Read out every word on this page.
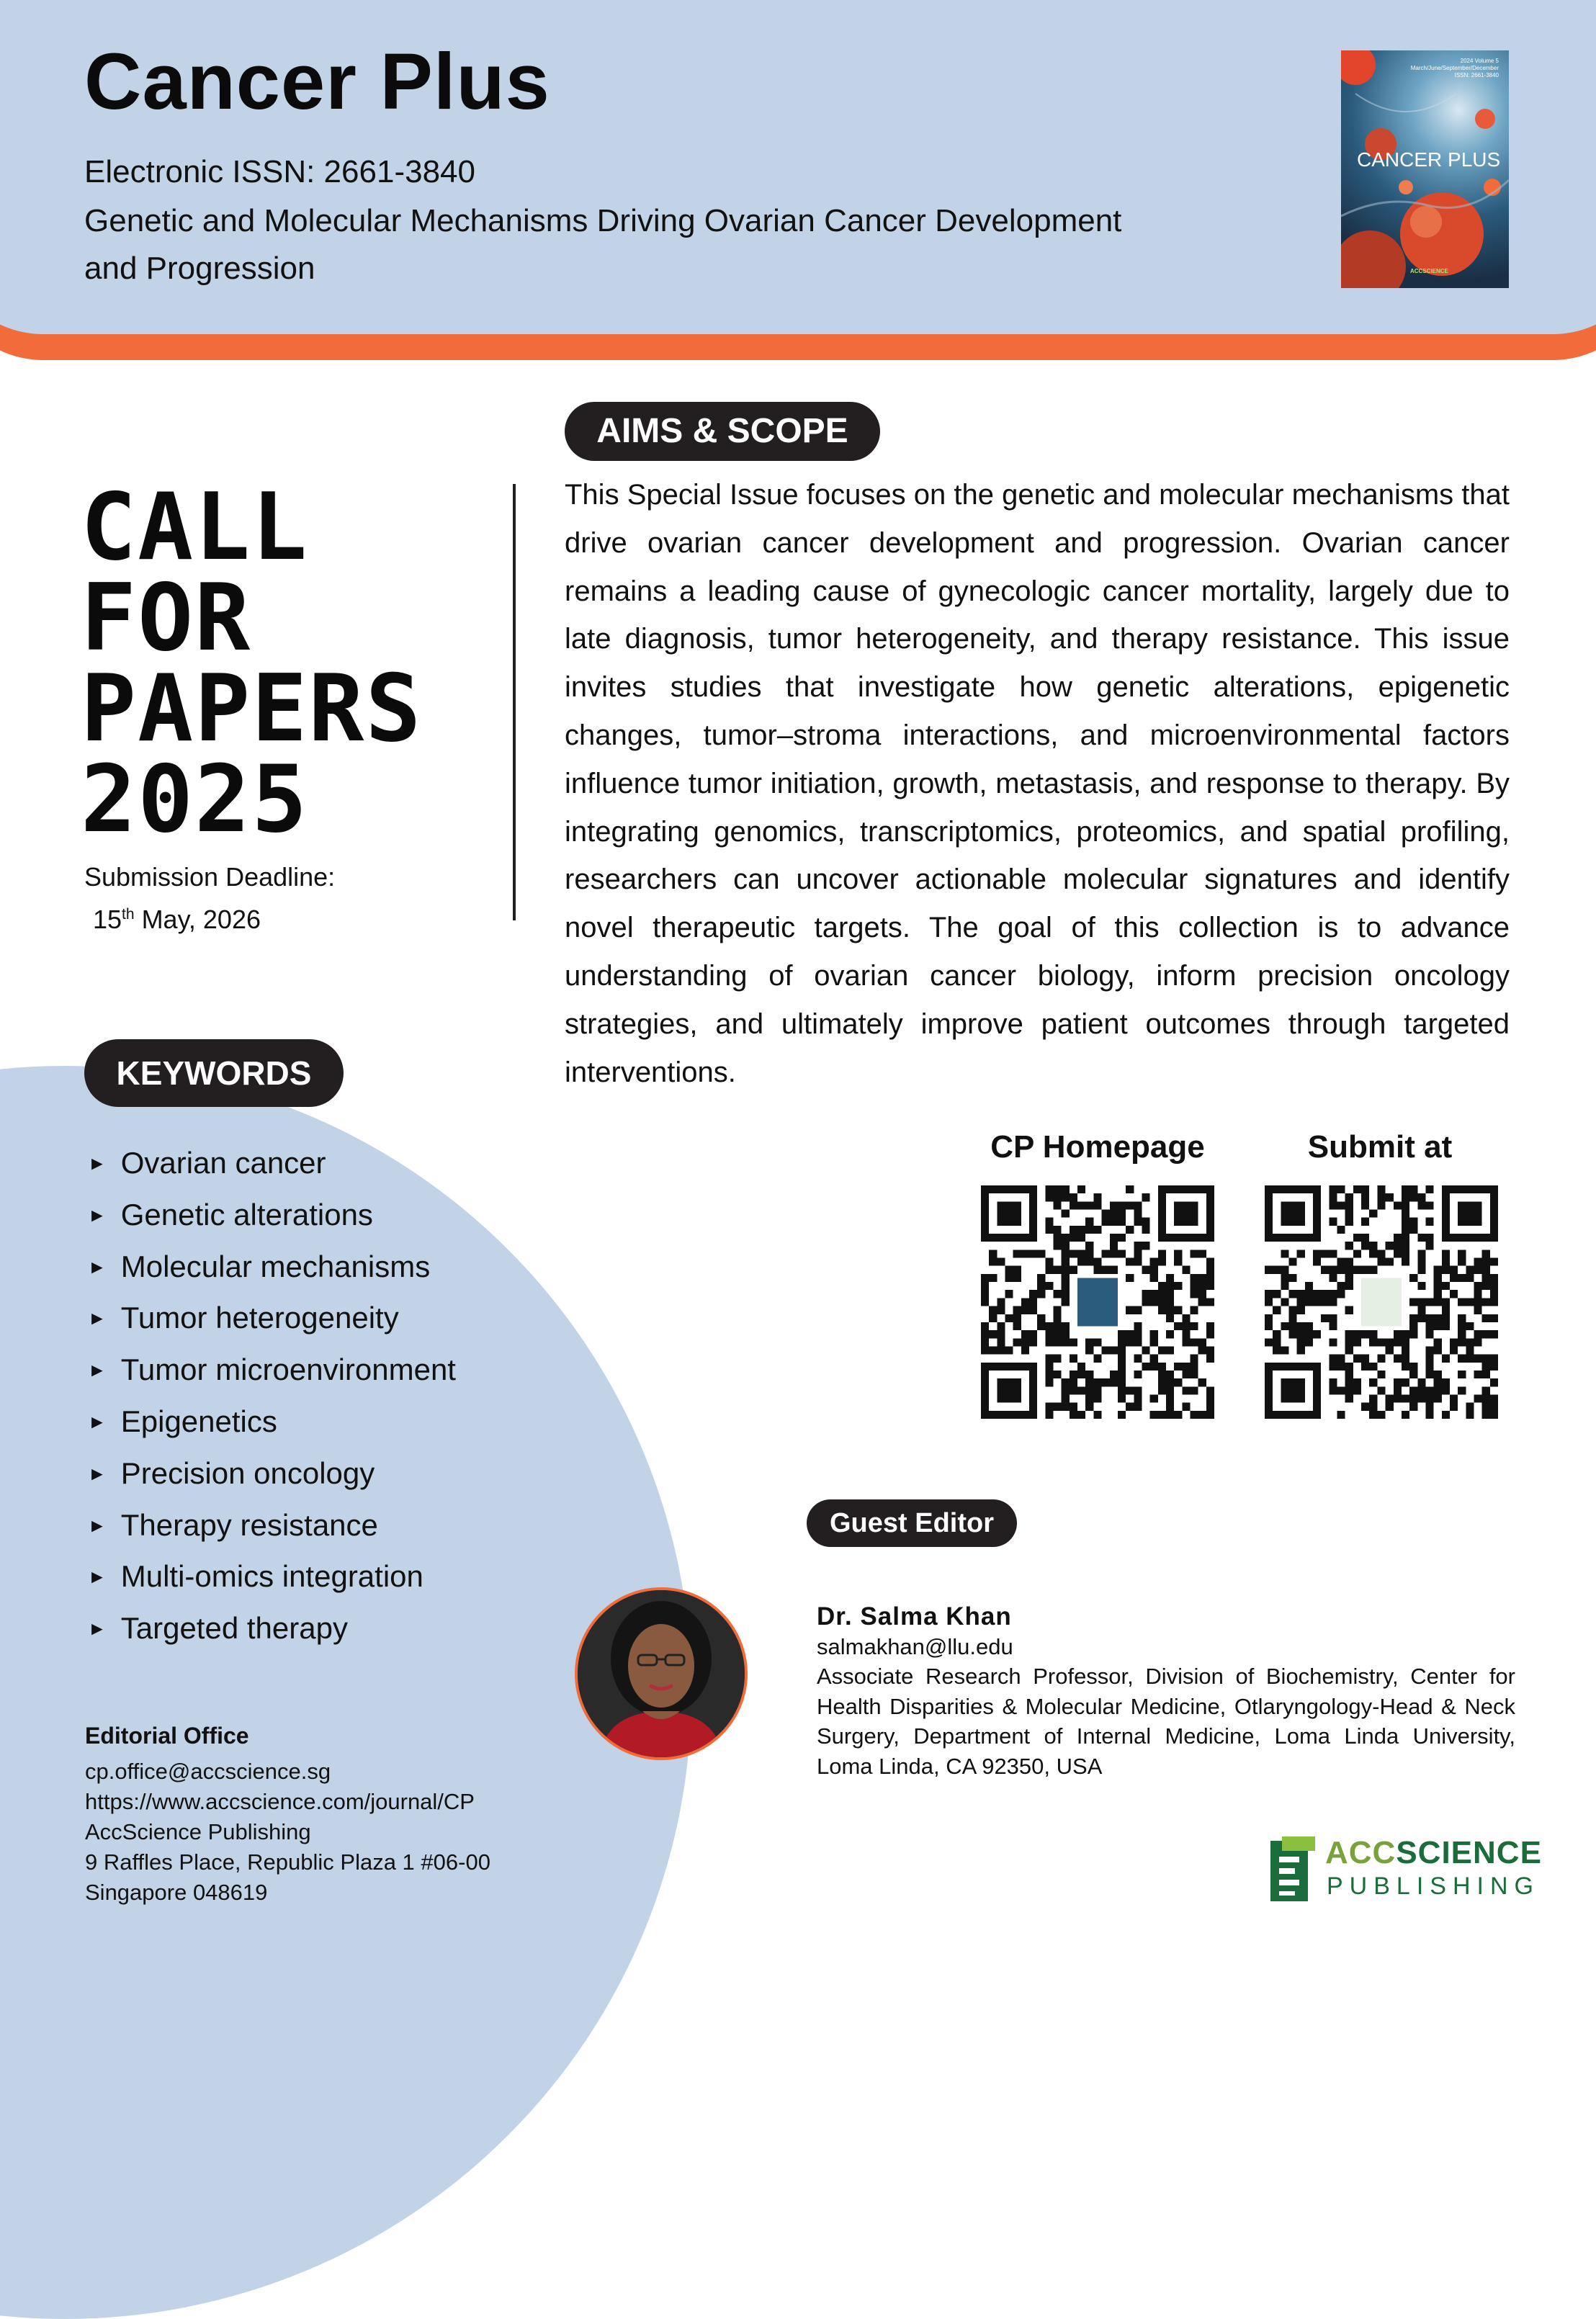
Cancer Plus
Electronic ISSN: 2661-3840
Genetic and Molecular Mechanisms Driving Ovarian Cancer Development
and Progression
2024 Volume 5
March/June/September/December
ISSN: 2661-3840
CANCER PLUS
ACCSCIENCE
AIMS & SCOPE
CALL
FOR
PAPERS
2025
Submission Deadline:
15th May, 2026
This Special Issue focuses on the genetic and molecular mechanisms that drive ovarian cancer development and progression. Ovarian cancer remains a leading cause of gynecologic cancer mortality, largely due to late diagnosis, tumor heterogeneity, and therapy resistance. This issue invites studies that investigate how genetic alterations, epigenetic changes, tumor–stroma interactions, and microenvironmental factors influence tumor initiation, growth, metastasis, and response to therapy. By integrating genomics, transcriptomics, proteomics, and spatial profiling, researchers can uncover actionable molecular signatures and identify novel therapeutic targets. The goal of this collection is to advance understanding of ovarian cancer biology, inform precision oncology strategies, and ultimately improve patient outcomes through targeted interventions.
CP Homepage	Submit at
KEYWORDS
► Ovarian cancer
► Genetic alterations
► Molecular mechanisms
► Tumor heterogeneity
► Tumor microenvironment
► Epigenetics
► Precision oncology
► Therapy resistance
► Multi-omics integration
► Targeted therapy
Editorial Office
cp.office@accscience.sg
https://www.accscience.com/journal/CP
AccScience Publishing
9 Raffles Place, Republic Plaza 1 #06-00
Singapore 048619
Guest Editor
Dr. Salma Khan
salmakhan@llu.edu
Associate Research Professor, Division of Biochemistry, Center for Health Disparities & Molecular Medicine, Otlaryngology-Head & Neck Surgery, Department of Internal Medicine, Loma Linda University, Loma Linda, CA 92350, USA
ACCSCIENCE
PUBLISHING
